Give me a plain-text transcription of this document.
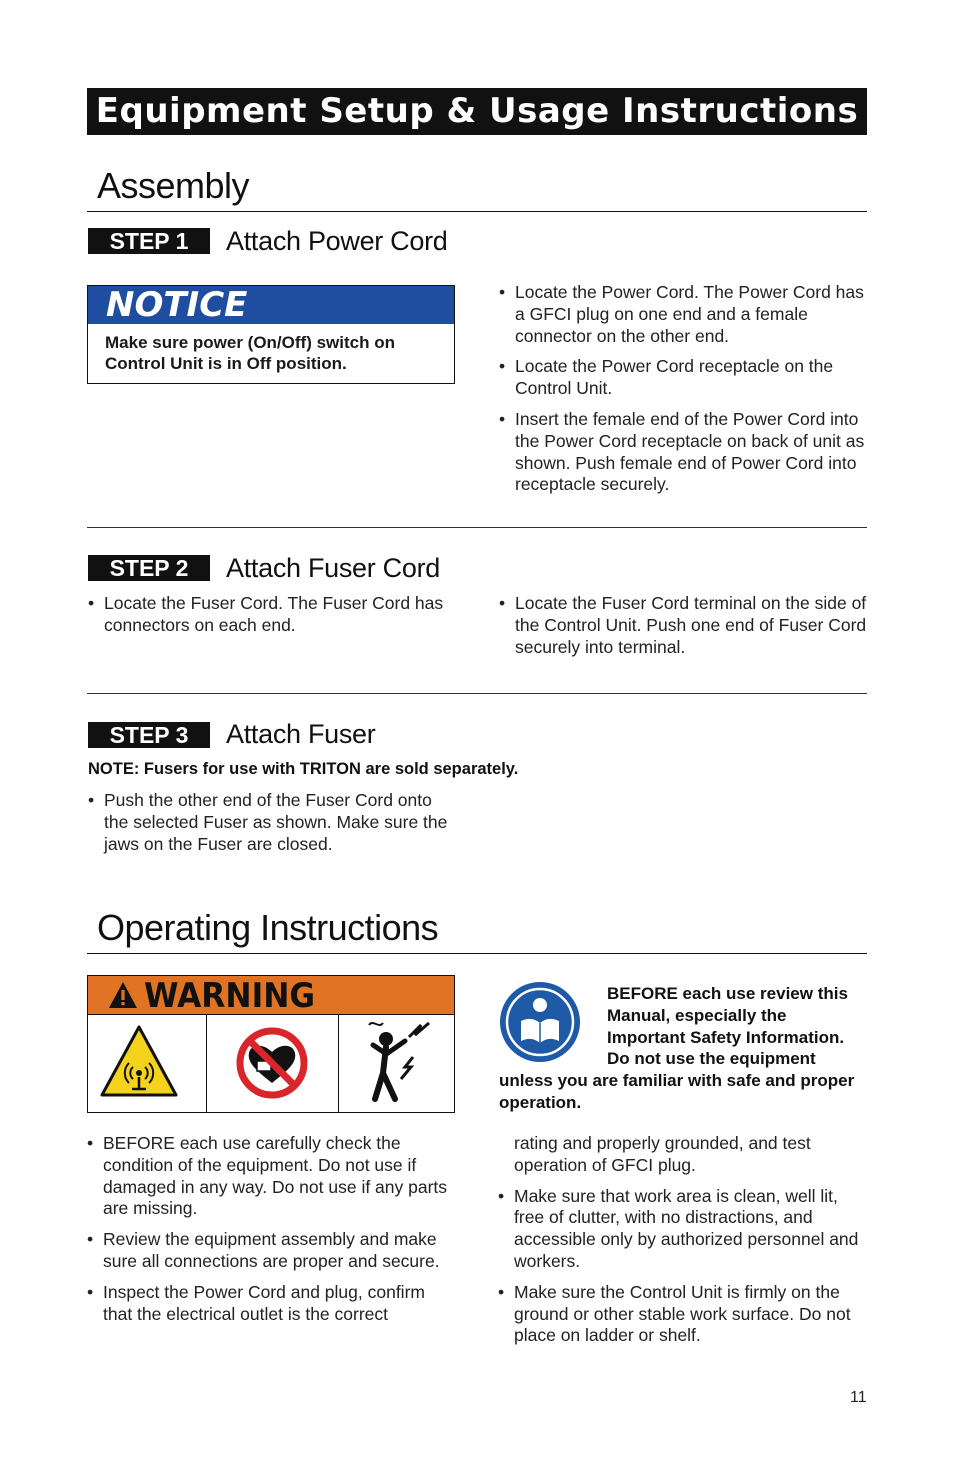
Equipment Setup & Usage Instructions
Assembly
STEP 1	Attach Power Cord
NOTICE
Make sure power (On/Off) switch on Control Unit is in Off position.
• Locate the Power Cord. The Power Cord has a GFCI plug on one end and a female connector on the other end.
• Locate the Power Cord receptacle on the Control Unit.
• Insert the female end of the Power Cord into the Power Cord receptacle on back of unit as shown. Push female end of Power Cord into receptacle securely.
STEP 2	Attach Fuser Cord
• Locate the Fuser Cord. The Fuser Cord has connectors on each end.
• Locate the Fuser Cord terminal on the side of the Control Unit. Push one end of Fuser Cord securely into terminal.
STEP 3	Attach Fuser
NOTE: Fusers for use with TRITON are sold separately.
• Push the other end of the Fuser Cord onto the selected Fuser as shown. Make sure the jaws on the Fuser are closed.
Operating Instructions
WARNING	BEFORE each use review this Manual, especially the Important Safety Information. Do not use the equipment unless you are familiar with safe and proper operation.
• BEFORE each use carefully check the condition of the equipment. Do not use if damaged in any way. Do not use if any parts are missing.
• Review the equipment assembly and make sure all connections are proper and secure.
• Inspect the Power Cord and plug, confirm that the electrical outlet is the correct
rating and properly grounded, and test operation of GFCI plug.
• Make sure that work area is clean, well lit, free of clutter, with no distractions, and accessible only by authorized personnel and workers.
• Make sure the Control Unit is firmly on the ground or other stable work surface. Do not place on ladder or shelf.
11
